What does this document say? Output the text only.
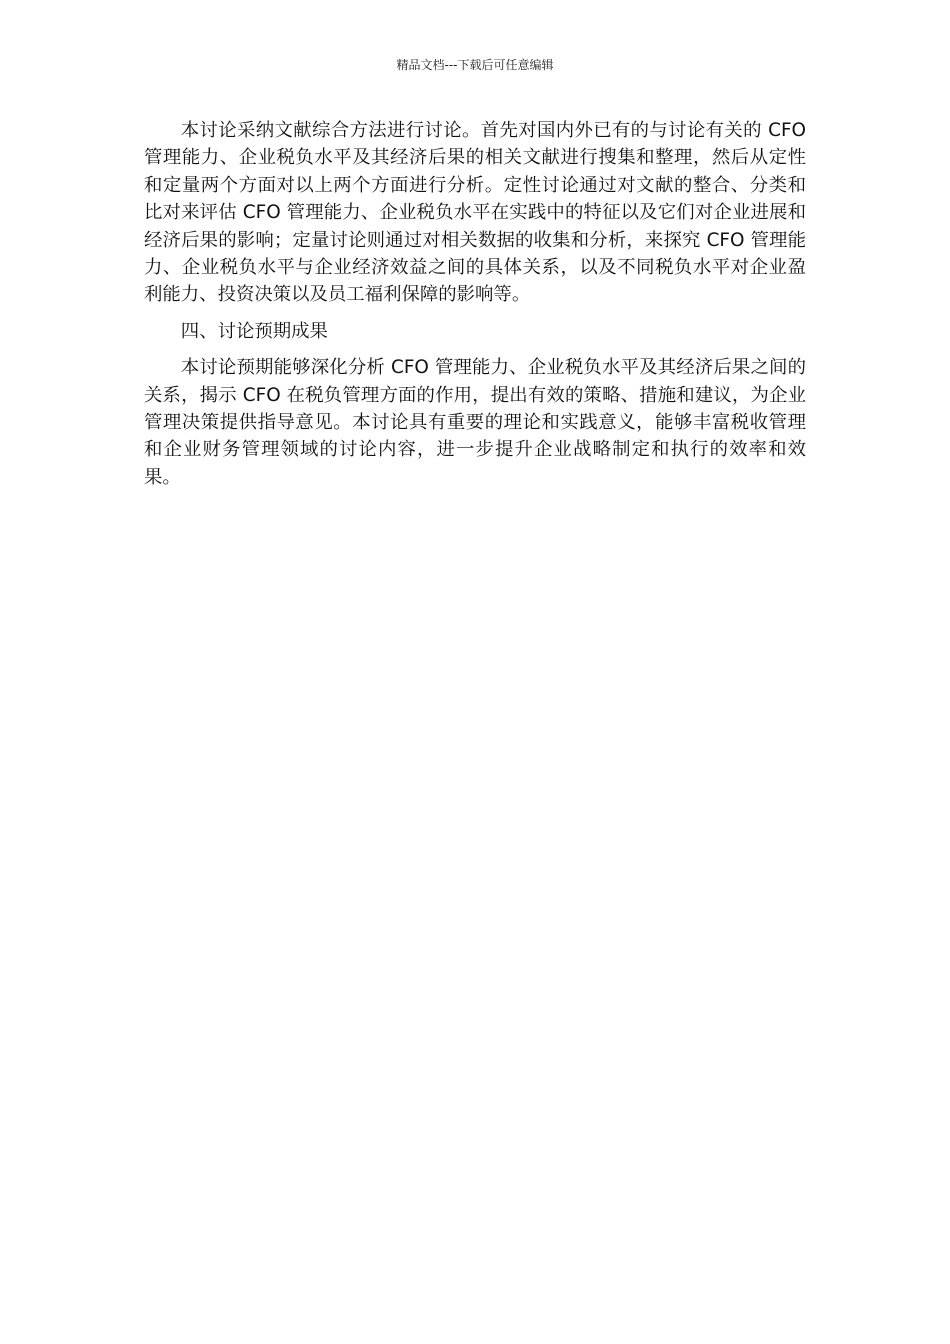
精品文档---下载后可任意编辑

本讨论采纳文献综合方法进行讨论。首先对国内外已有的与讨论有关的 CFO 管理能力、企业税负水平及其经济后果的相关文献进行搜集和整理，然后从定性和定量两个方面对以上两个方面进行分析。定性讨论通过对文献的整合、分类和比对来评估 CFO 管理能力、企业税负水平在实践中的特征以及它们对企业进展和经济后果的影响；定量讨论则通过对相关数据的收集和分析，来探究 CFO 管理能力、企业税负水平与企业经济效益之间的具体关系，以及不同税负水平对企业盈利能力、投资决策以及员工福利保障的影响等。

四、讨论预期成果

本讨论预期能够深化分析 CFO 管理能力、企业税负水平及其经济后果之间的关系，揭示 CFO 在税负管理方面的作用，提出有效的策略、措施和建议，为企业管理决策提供指导意见。本讨论具有重要的理论和实践意义，能够丰富税收管理和企业财务管理领域的讨论内容，进一步提升企业战略制定和执行的效率和效果。
